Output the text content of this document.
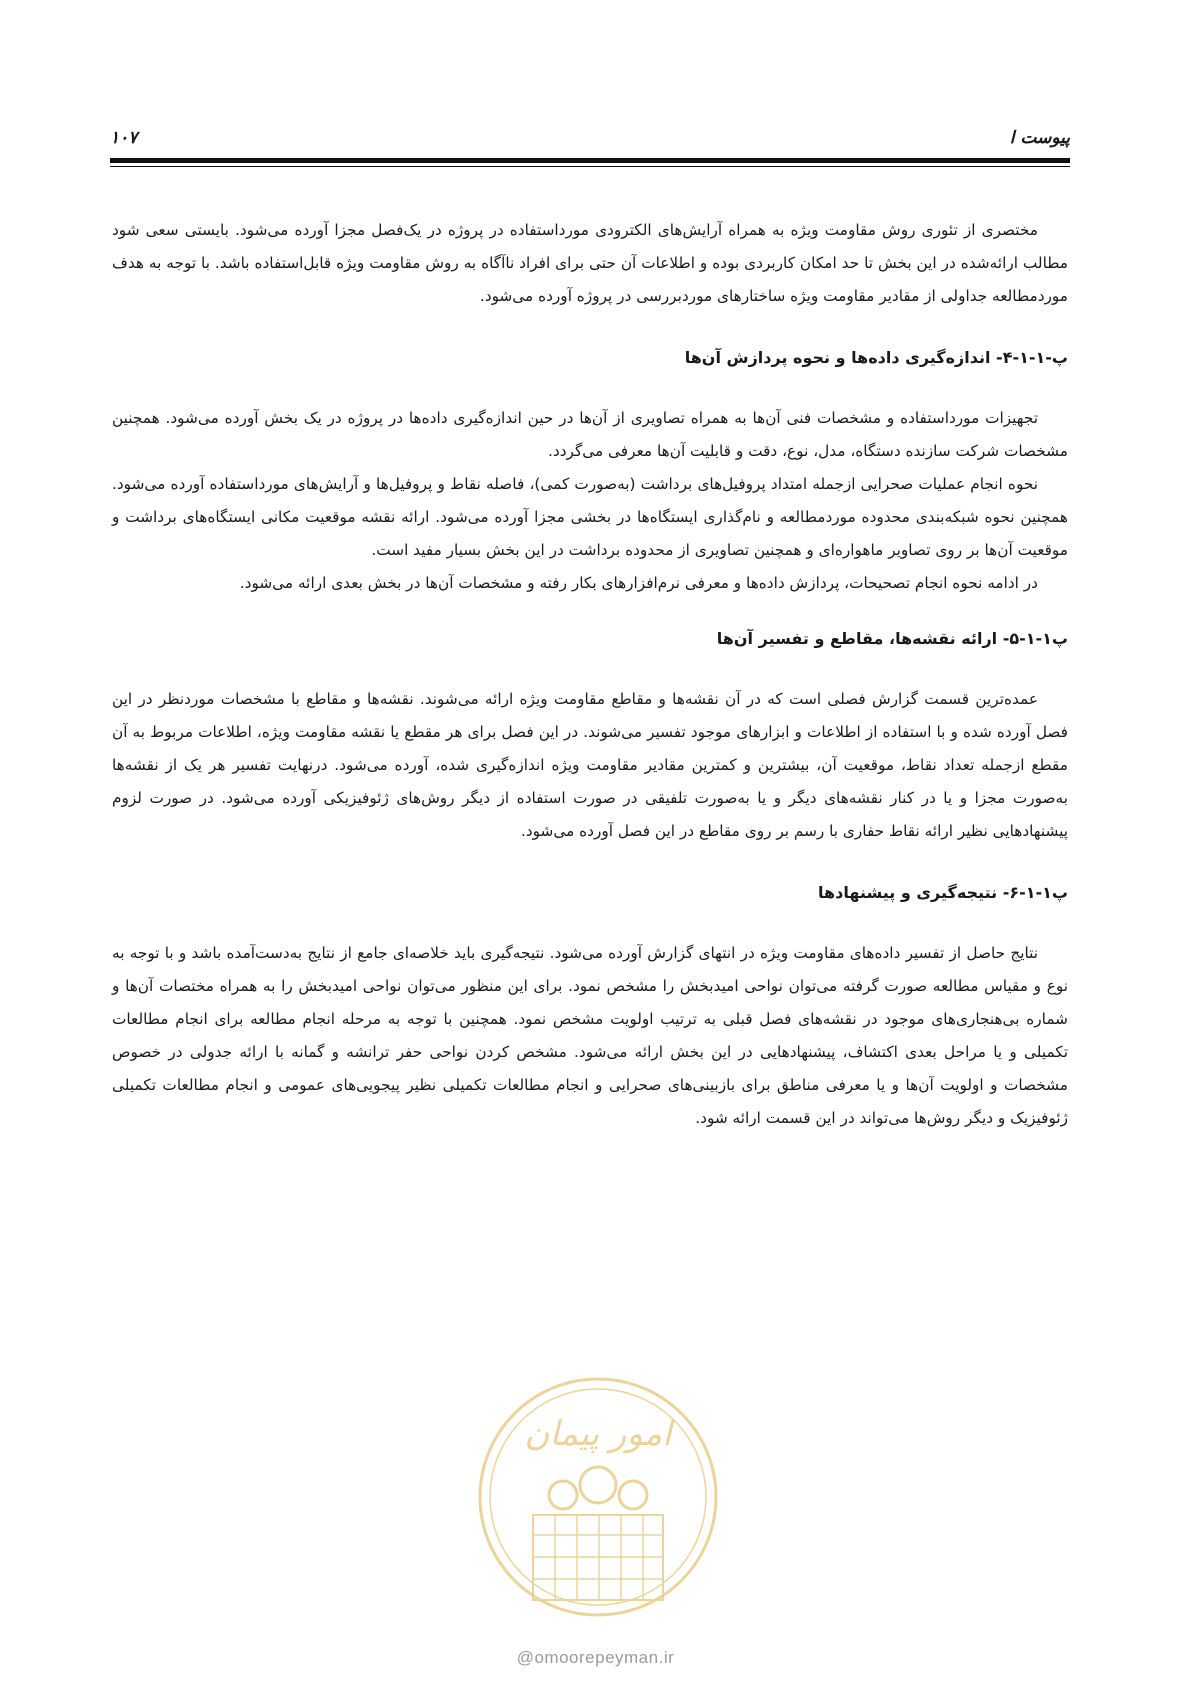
پیوست ا
۱۰۷

مختصری از تئوری روش مقاومت ویژه به همراه آرایش‌های الکترودی مورداستفاده در پروژه در یک‌فصل مجزا آورده می‌شود. بایستی سعی شود مطالب ارائه‌شده در این بخش تا حد امکان کاربردی بوده و اطلاعات آن حتی برای افراد ناآگاه به روش مقاومت ویژه قابل‌استفاده باشد. با توجه به هدف موردمطالعه جداولی از مقادیر مقاومت ویژه ساختارهای موردبررسی در پروژه آورده می‌شود.

پ-۱-۱-۴- اندازه‌گیری داده‌ها و نحوه پردازش آن‌ها

تجهیزات مورداستفاده و مشخصات فنی آن‌ها به همراه تصاویری از آن‌ها در حین اندازه‌گیری داده‌ها در پروژه در یک بخش آورده می‌شود. همچنین مشخصات شرکت سازنده دستگاه، مدل، نوع، دقت و قابلیت آن‌ها معرفی می‌گردد.

نحوه انجام عملیات صحرایی ازجمله امتداد پروفیل‌های برداشت (به‌صورت کمی)، فاصله نقاط و پروفیل‌ها و آرایش‌های مورداستفاده آورده می‌شود. همچنین نحوه شبکه‌بندی محدوده موردمطالعه و نام‌گذاری ایستگاه‌ها در بخشی مجزا آورده می‌شود. ارائه نقشه موقعیت مکانی ایستگاه‌های برداشت و موقعیت آن‌ها بر روی تصاویر ماهواره‌ای و همچنین تصاویری از محدوده برداشت در این بخش بسیار مفید است.

در ادامه نحوه انجام تصحیحات، پردازش داده‌ها و معرفی نرم‌افزارهای بکار رفته و مشخصات آن‌ها در بخش بعدی ارائه می‌شود.

پ۱-۱-۵- ارائه نقشه‌ها، مقاطع و تفسیر آن‌ها

عمده‌ترین قسمت گزارش فصلی است که در آن نقشه‌ها و مقاطع مقاومت ویژه ارائه می‌شوند. نقشه‌ها و مقاطع با مشخصات موردنظر در این فصل آورده شده و با استفاده از اطلاعات و ابزارهای موجود تفسیر می‌شوند. در این فصل برای هر مقطع یا نقشه مقاومت ویژه، اطلاعات مربوط به آن مقطع ازجمله تعداد نقاط، موقعیت آن، بیشترین و کمترین مقادیر مقاومت ویژه اندازه‌گیری شده، آورده می‌شود. درنهایت تفسیر هر یک از نقشه‌ها به‌صورت مجزا و یا در کنار نقشه‌های دیگر و یا به‌صورت تلفیقی در صورت استفاده از دیگر روش‌های ژئوفیزیکی آورده می‌شود. در صورت لزوم پیشنهادهایی نظیر ارائه نقاط حفاری با رسم بر روی مقاطع در این فصل آورده می‌شود.

پ۱-۱-۶- نتیجه‌گیری و پیشنهادها

نتایج حاصل از تفسیر داده‌های مقاومت ویژه در انتهای گزارش آورده می‌شود. نتیجه‌گیری باید خلاصه‌ای جامع از نتایج به‌دست‌آمده باشد و با توجه به نوع و مقیاس مطالعه صورت گرفته می‌توان نواحی امیدبخش را مشخص نمود. برای این منظور می‌توان نواحی امیدبخش را به همراه مختصات آن‌ها و شماره بی‌هنجاری‌های موجود در نقشه‌های فصل قبلی به ترتیب اولویت مشخص نمود. همچنین با توجه به مرحله انجام مطالعه برای انجام مطالعات تکمیلی و یا مراحل بعدی اکتشاف، پیشنهادهایی در این بخش ارائه می‌شود. مشخص کردن نواحی حفر ترانشه و گمانه با ارائه جدولی در خصوص مشخصات و اولویت آن‌ها و یا معرفی مناطق برای بازبینی‌های صحرایی و انجام مطالعات تکمیلی نظیر پیجویی‌های عمومی و انجام مطالعات تکمیلی ژئوفیزیک و دیگر روش‌ها می‌تواند در این قسمت ارائه شود.

امور پیمان
@omoorepeyman.ir
